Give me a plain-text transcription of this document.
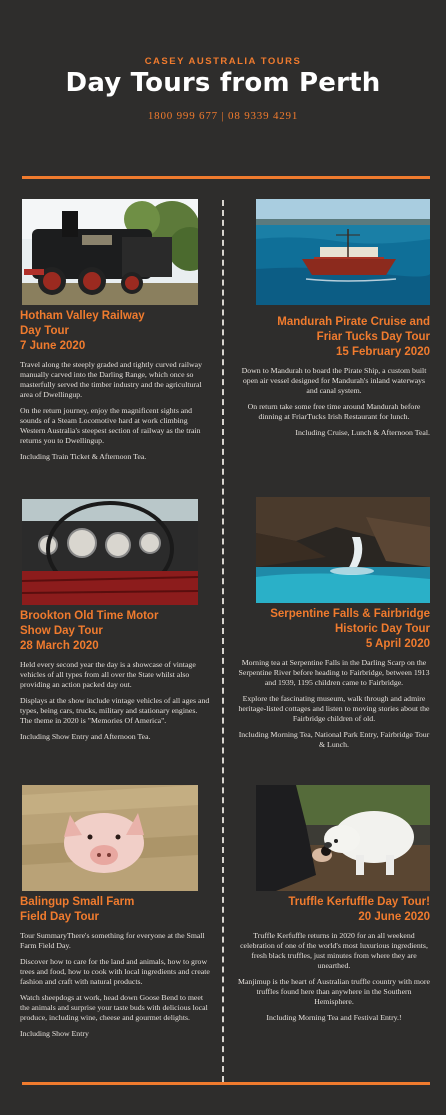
CASEY AUSTRALIA TOURS
Day Tours from Perth
1800 999 677 | 08 9339 4291
Hotham Valley Railway
Day Tour
7 June 2020

Travel along the steeply graded and tightly curved railway manually carved into the Darling Range, which once so masterfully served the timber industry and the agricultural area of Dwellingup.

On the return journey, enjoy the magnificent sights and sounds of a Steam Locomotive hard at work climbing Western Australia's steepest section of railway as the train returns you to Dwellingup.

Including Train Ticket & Afternoon Tea.

Mandurah Pirate Cruise and
Friar Tucks Day Tour
15 February 2020

Down to Mandurah to board the Pirate Ship, a custom built open air vessel designed for Mandurah's inland waterways and canal system.

On return take some free time around Mandurah before dinning at FriarTucks Irish Restaurant for lunch.

Including Cruise, Lunch & Afternoon Teal.

Brookton Old Time Motor
Show Day Tour
28 March 2020

Held every second year the day is a showcase of vintage vehicles of all types from all over the State whilst also providing an action packed day out.

Displays at the show include vintage vehicles of all ages and types, being cars, trucks, military and stationary engines. The theme in 2020 is "Memories Of America".

Including Show Entry and Afternoon Tea.

Serpentine Falls & Fairbridge
Historic Day Tour
5 April 2020

Morning tea at Serpentine Falls in the Darling Scarp on the Serpentine River before heading to Fairbridge, between 1913 and 1939, 1195 children came to Fairbridge.

Explore the fascinating museum, walk through and admire heritage-listed cottages and listen to moving stories about the Fairbridge children of old.

Including Morning Tea, National Park Entry, Fairbridge Tour & Lunch.

Balingup Small Farm
Field Day Tour

Tour SummaryThere's something for everyone at the Small Farm Field Day.

Discover how to care for the land and animals, how to grow trees and food, how to cook with local ingredients and create fashion and craft with natural products.

Watch sheepdogs at work, head down Goose Bend to meet the animals and surprise your taste buds with delicious local produce, including wine, cheese and gourmet delights.

Including Show Entry

Truffle Kerfuffle Day Tour!
20 June 2020

Truffle Kerfuffle returns in 2020 for an all weekend celebration of one of the world's most luxurious ingredients, fresh black truffles, just minutes from where they are unearthed.

Manjimup is the heart of Australian truffle country with more truffles found here than anywhere in the Southern Hemisphere.

Including Morning Tea and Festival Entry.!
